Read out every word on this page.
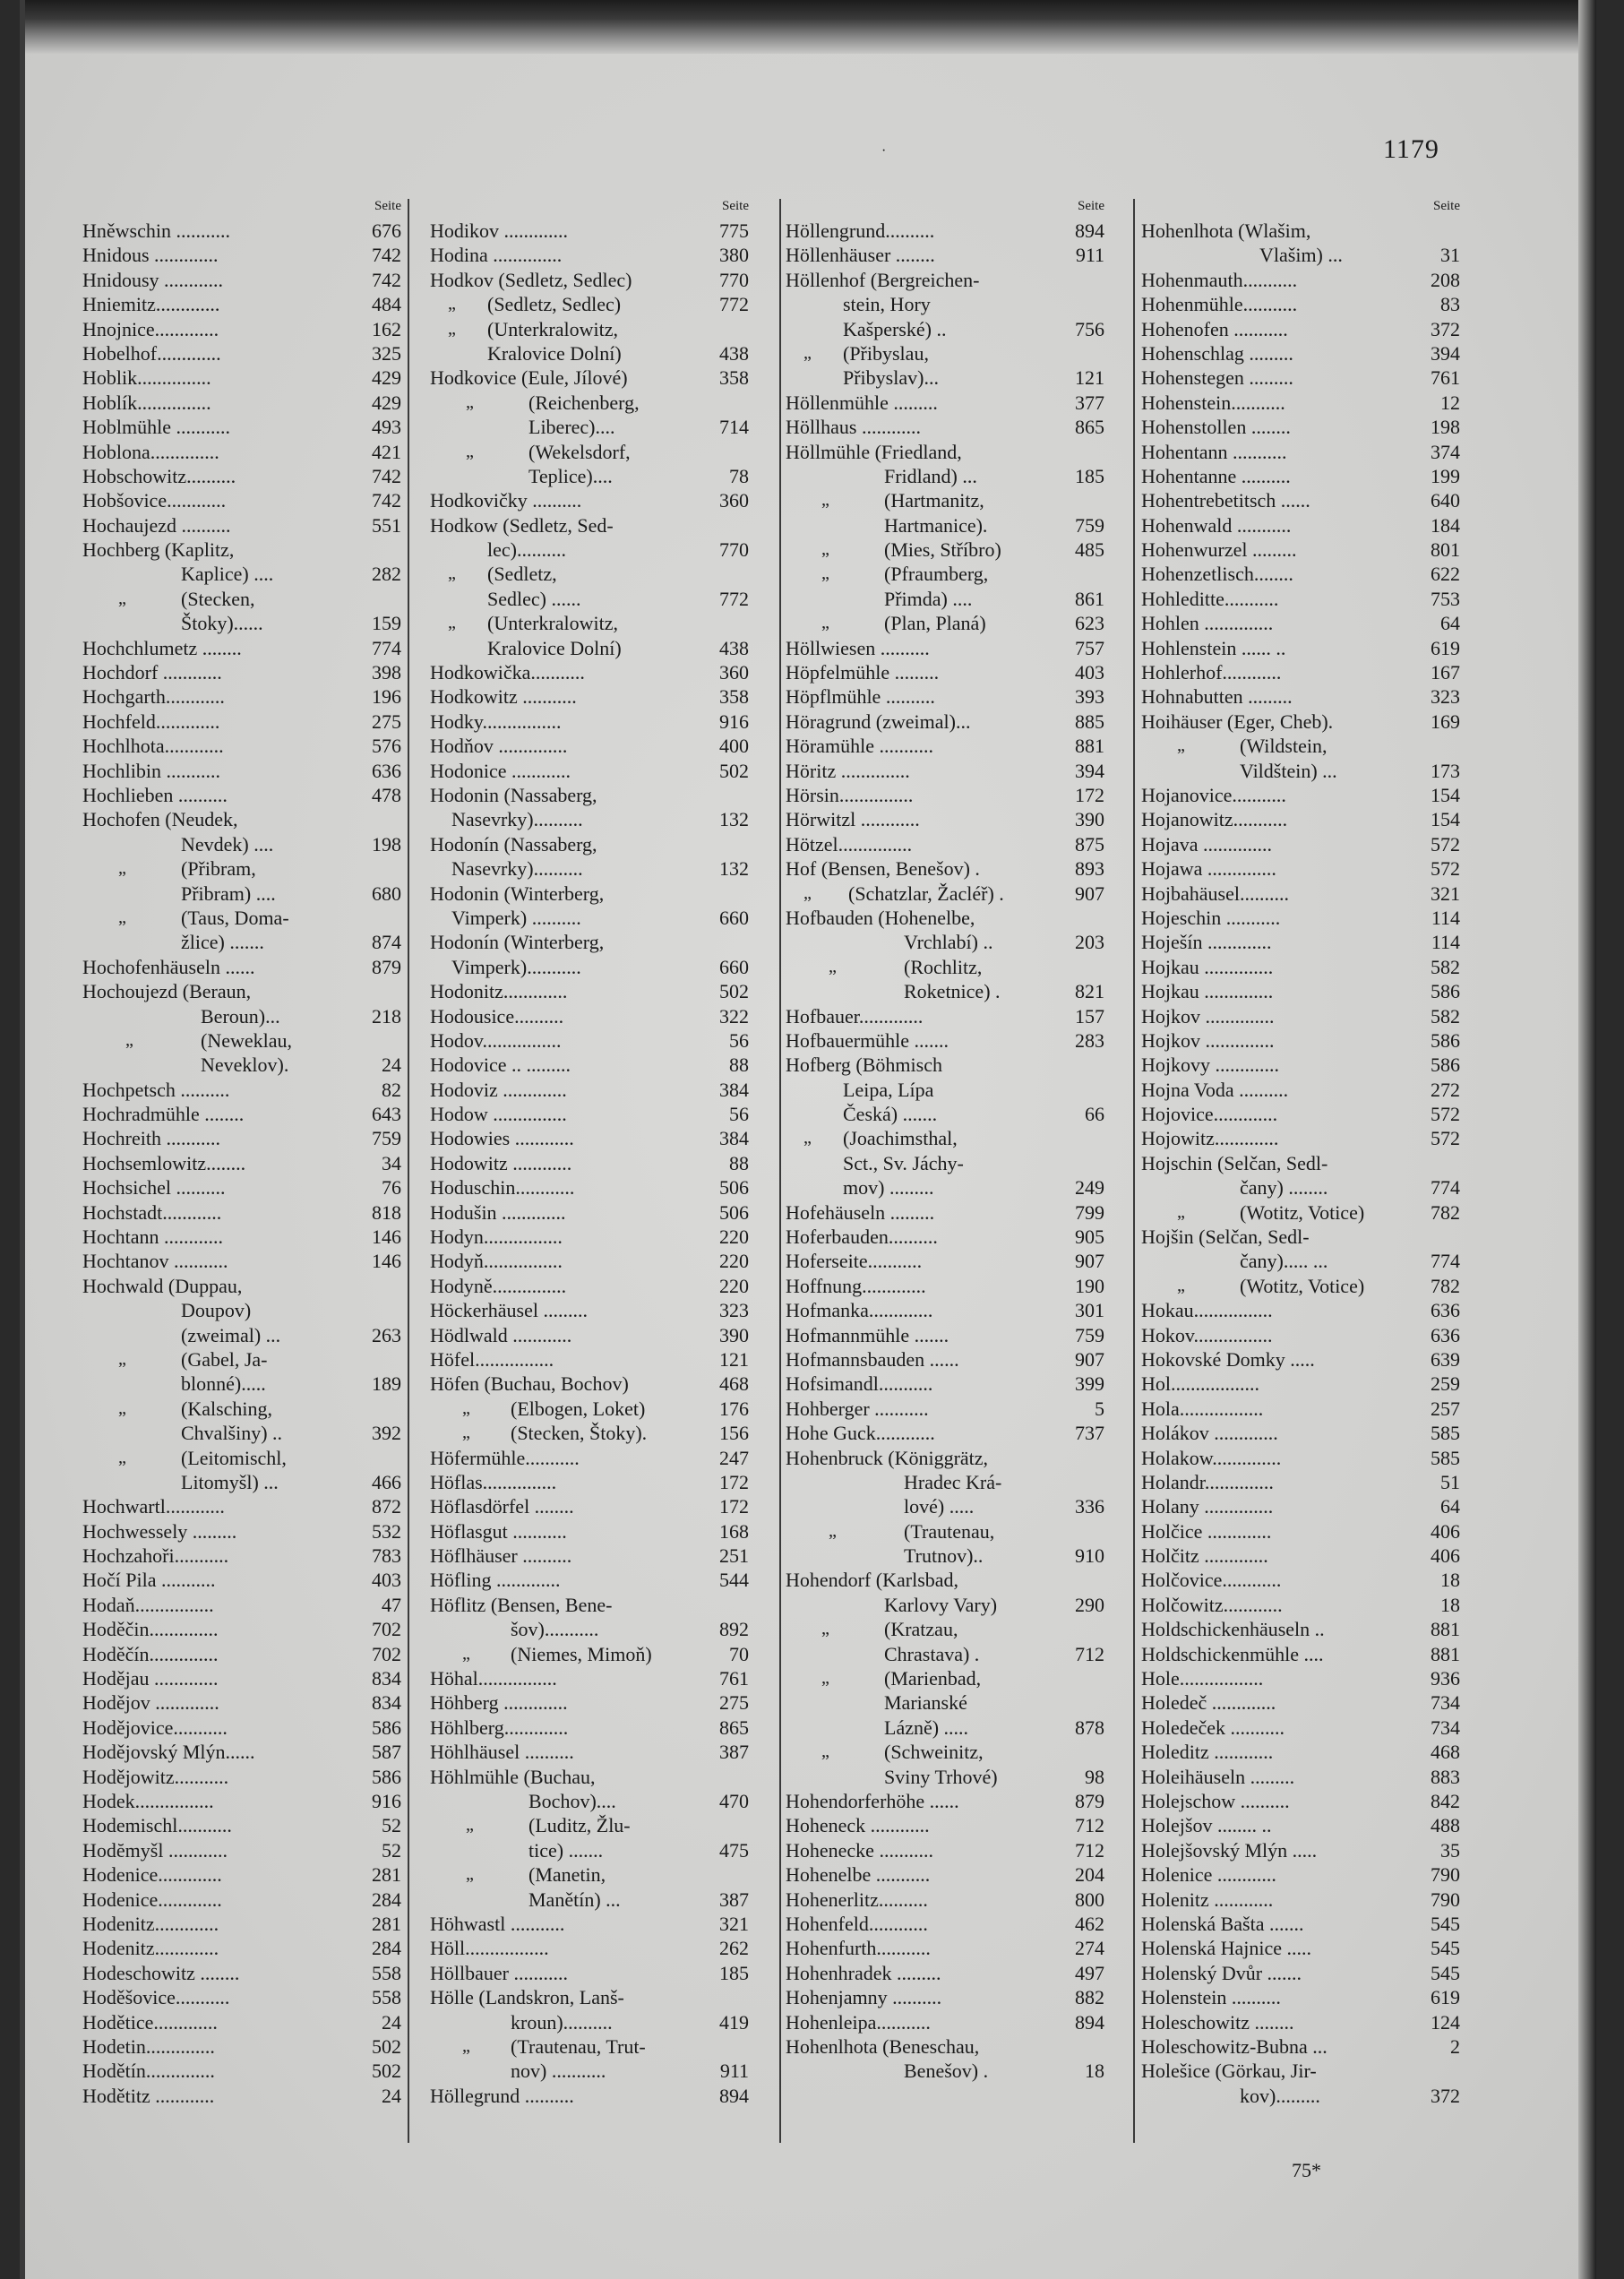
·	1179
Seite
Hněwschin ...........	676
Hnidous .............	742
Hnidousy ............	742
Hniemitz.............	484
Hnojnice.............	162
Hobelhof.............	325
Hoblik...............	429
Hoblík...............	429
Hoblmühle ...........	493
Hoblona..............	421
Hobschowitz..........	742
Hobšovice............	742
Hochaujezd ..........	551
Hochberg (Kaplitz,
Kaplice) ....	282
„	(Stecken,
Štoky)......	159
Hochchlumetz ........	774
Hochdorf ............	398
Hochgarth............	196
Hochfeld.............	275
Hochlhota............	576
Hochlibin ...........	636
Hochlieben ..........	478
Hochofen (Neudek,
Nevdek) ....	198
„	(Přibram,
Přibram) ....	680
„	(Taus, Doma-
žlice) .......	874
Hochofenhäuseln ......	879
Hochoujezd (Beraun,
Beroun)...	218
„	(Neweklau,
Neveklov).	24
Hochpetsch ..........	82
Hochradmühle ........	643
Hochreith ...........	759
Hochsemlowitz........	34
Hochsichel ..........	76
Hochstadt............	818
Hochtann ............	146
Hochtanov ...........	146
Hochwald (Duppau,
Doupov)
(zweimal) ...	263
„	(Gabel, Ja-
blonné).....	189
„	(Kalsching,
Chvalšiny) ..	392
„	(Leitomischl,
Litomyšl) ...	466
Hochwartl............	872
Hochwessely .........	532
Hochzahoři...........	783
Hočí Pila ...........	403
Hodaň................	47
Hoděčin..............	702
Hoděčín..............	702
Hodějau .............	834
Hodějov .............	834
Hodějovice...........	586
Hodějovský Mlýn......	587
Hodějowitz...........	586
Hodek................	916
Hodemischl...........	52
Hodĕmyšl ............	52
Hodenice.............	281
Hodenice.............	284
Hodenitz.............	281
Hodenitz.............	284
Hodeschowitz ........	558
Hoděšovice...........	558
Hodětice.............	24
Hodetin..............	502
Hodětín..............	502
Hodětitz ............	24
Seite
Hodikov .............	775
Hodina ..............	380
Hodkov (Sedletz, Sedlec)	770
„ (Sedletz, Sedlec)	772
„ (Unterkralowitz,
Kralovice Dolní)	438
Hodkovice (Eule, Jílové)	358
„	(Reichenberg,
Liberec)....	714
„	(Wekelsdorf,
Teplice)....	78
Hodkovičky ..........	360
Hodkow (Sedletz, Sed-
lec)..........	770
„ (Sedletz,
Sedlec) ......	772
„ (Unterkralowitz,
Kralovice Dolní)	438
Hodkowička...........	360
Hodkowitz ...........	358
Hodky................	916
Hodňov ..............	400
Hodonice ............	502
Hodonin (Nassaberg,
Nasevrky)..........	132
Hodonín (Nassaberg,
Nasevrky)..........	132
Hodonin (Winterberg,
Vimperk) ..........	660
Hodonín (Winterberg,
Vimperk)...........	660
Hodonitz.............	502
Hodousice..........	322
Hodov................	56
Hodovice .. .........	88
Hodoviz .............	384
Hodow ...............	56
Hodowies ............	384
Hodowitz ............	88
Hoduschin............	506
Hodušin .............	506
Hodyn................	220
Hodyň................	220
Hodyně...............	220
Höckerhäusel .........	323
Hödlwald ............	390
Höfel................	121
Höfen (Buchau, Bochov)	468
„ (Elbogen, Loket)	176
„ (Stecken, Štoky).	156
Höfermühle...........	247
Höflas...............	172
Höflasdörfel ........	172
Höflasgut ...........	168
Höflhäuser ..........	251
Höfling .............	544
Höflitz (Bensen, Bene-
šov)...........	892
„ (Niemes, Mimoň)	70
Höhal................	761
Höhberg .............	275
Höhlberg.............	865
Höhlhäusel ..........	387
Höhlmühle (Buchau,
Bochov)....	470
„	(Luditz, Žlu-
tice) .......	475
„	(Manetin,
Manětín) ...	387
Höhwastl ...........	321
Höll.................	262
Höllbauer ...........	185
Hölle (Landskron, Lanš-
kroun)..........	419
„ (Trautenau, Trut-
nov) ...........	911
Höllegrund ..........	894
Seite
Höllengrund..........	894
Höllenhäuser ........	911
Höllenhof (Bergreichen-
stein, Hory
Kašperské) ..	756
„ (Přibyslau,
Přibyslav)...	121
Höllenmühle .........	377
Höllhaus ............	865
Höllmühle (Friedland,
Fridland) ...	185
„	(Hartmanitz,
Hartmanice).	759
„	(Mies, Stříbro)	485
„	(Pfraumberg,
Přimda) ....	861
„	(Plan, Planá)	623
Höllwiesen ..........	757
Höpfelmühle .........	403
Höpflmühle ..........	393
Höragrund (zweimal)...	885
Höramühle ...........	881
Höritz ..............	394
Hörsin...............	172
Hörwitzl ............	390
Hötzel...............	875
Hof (Bensen, Benešov) .	893
„ (Schatzlar, Žacléř) .	907
Hofbauden (Hohenelbe,
Vrchlabí) ..	203
„	(Rochlitz,
Roketnice) .	821
Hofbauer.............	157
Hofbauermühle .......	283
Hofberg (Böhmisch
Leipa, Lípa
Česká) .......	66
„ (Joachimsthal,
Sct., Sv. Jáchy-
mov) .........	249
Hofehäuseln .........	799
Hoferbauden..........	905
Hoferseite...........	907
Hoffnung.............	190
Hofmanka.............	301
Hofmannmühle .......	759
Hofmannsbauden ......	907
Hofsimandl...........	399
Hohberger ...........	5
Hohe Guck............	737
Hohenbruck (Königgrätz,
Hradec Krá-
lové) .....	336
„	(Trautenau,
Trutnov)..	910
Hohendorf (Karlsbad,
Karlovy Vary)	290
„	(Kratzau,
Chrastava) .	712
„	(Marienbad,
Marianské
Lázně) .....	878
„	(Schweinitz,
Sviny Trhové)	98
Hohendorferhöhe ......	879
Hoheneck ............	712
Hohenecke ...........	712
Hohenelbe ...........	204
Hohenerlitz..........	800
Hohenfeld............	462
Hohenfurth...........	274
Hohenhradek .........	497
Hohenjamny ..........	882
Hohenleipa...........	894
Hohenlhota (Beneschau,
Benešov) .	18
Seite
Hohenlhota (Wlašim,
Vlašim) ...	31
Hohenmauth...........	208
Hohenmühle...........	83
Hohenofen ...........	372
Hohenschlag .........	394
Hohenstegen .........	761
Hohenstein...........	12
Hohenstollen ........	198
Hohentann ...........	374
Hohentanne ..........	199
Hohentrebetitsch ......	640
Hohenwald ...........	184
Hohenwurzel .........	801
Hohenzetlisch........	622
Hohleditte...........	753
Hohlen ..............	64
Hohlenstein ...... ..	619
Hohlerhof............	167
Hohnabutten .........	323
Hoihäuser (Eger, Cheb).	169
„	(Wildstein,
Vildštein) ...	173
Hojanovice...........	154
Hojanowitz...........	154
Hojava ..............	572
Hojawa ..............	572
Hojbahäusel..........	321
Hojeschin ...........	114
Hoješín .............	114
Hojkau ..............	582
Hojkau ..............	586
Hojkov ..............	582
Hojkov ..............	586
Hojkovy .............	586
Hojna Voda ..........	272
Hojovice.............	572
Hojowitz.............	572
Hojschin (Selčan, Sedl-
čany) ........	774
„	(Wotitz, Votice)	782
Hojšin (Selčan, Sedl-
čany)..... ...	774
„	(Wotitz, Votice)	782
Hokau................	636
Hokov................	636
Hokovské Domky .....	639
Hol..................	259
Hola.................	257
Holákov .............	585
Holakow..............	585
Holandr..............	51
Holany ..............	64
Holčice .............	406
Holčitz .............	406
Holčovice............	18
Holčowitz............	18
Holdschickenhäuseln ..	881
Holdschickenmühle ....	881
Hole.................	936
Holedeč .............	734
Holedeček ...........	734
Holeditz ............	468
Holeihäuseln .........	883
Holejschow ..........	842
Holejšov ........ ..	488
Holejšovský Mlýn .....	35
Holenice ............	790
Holenitz ............	790
Holenská Bašta .......	545
Holenská Hajnice .....	545
Holenský Dvůr .......	545
Holenstein ..........	619
Holeschowitz ........	124
Holeschowitz-Bubna ...	2
Holešice (Görkau, Jir-
kov).........	372
75*
